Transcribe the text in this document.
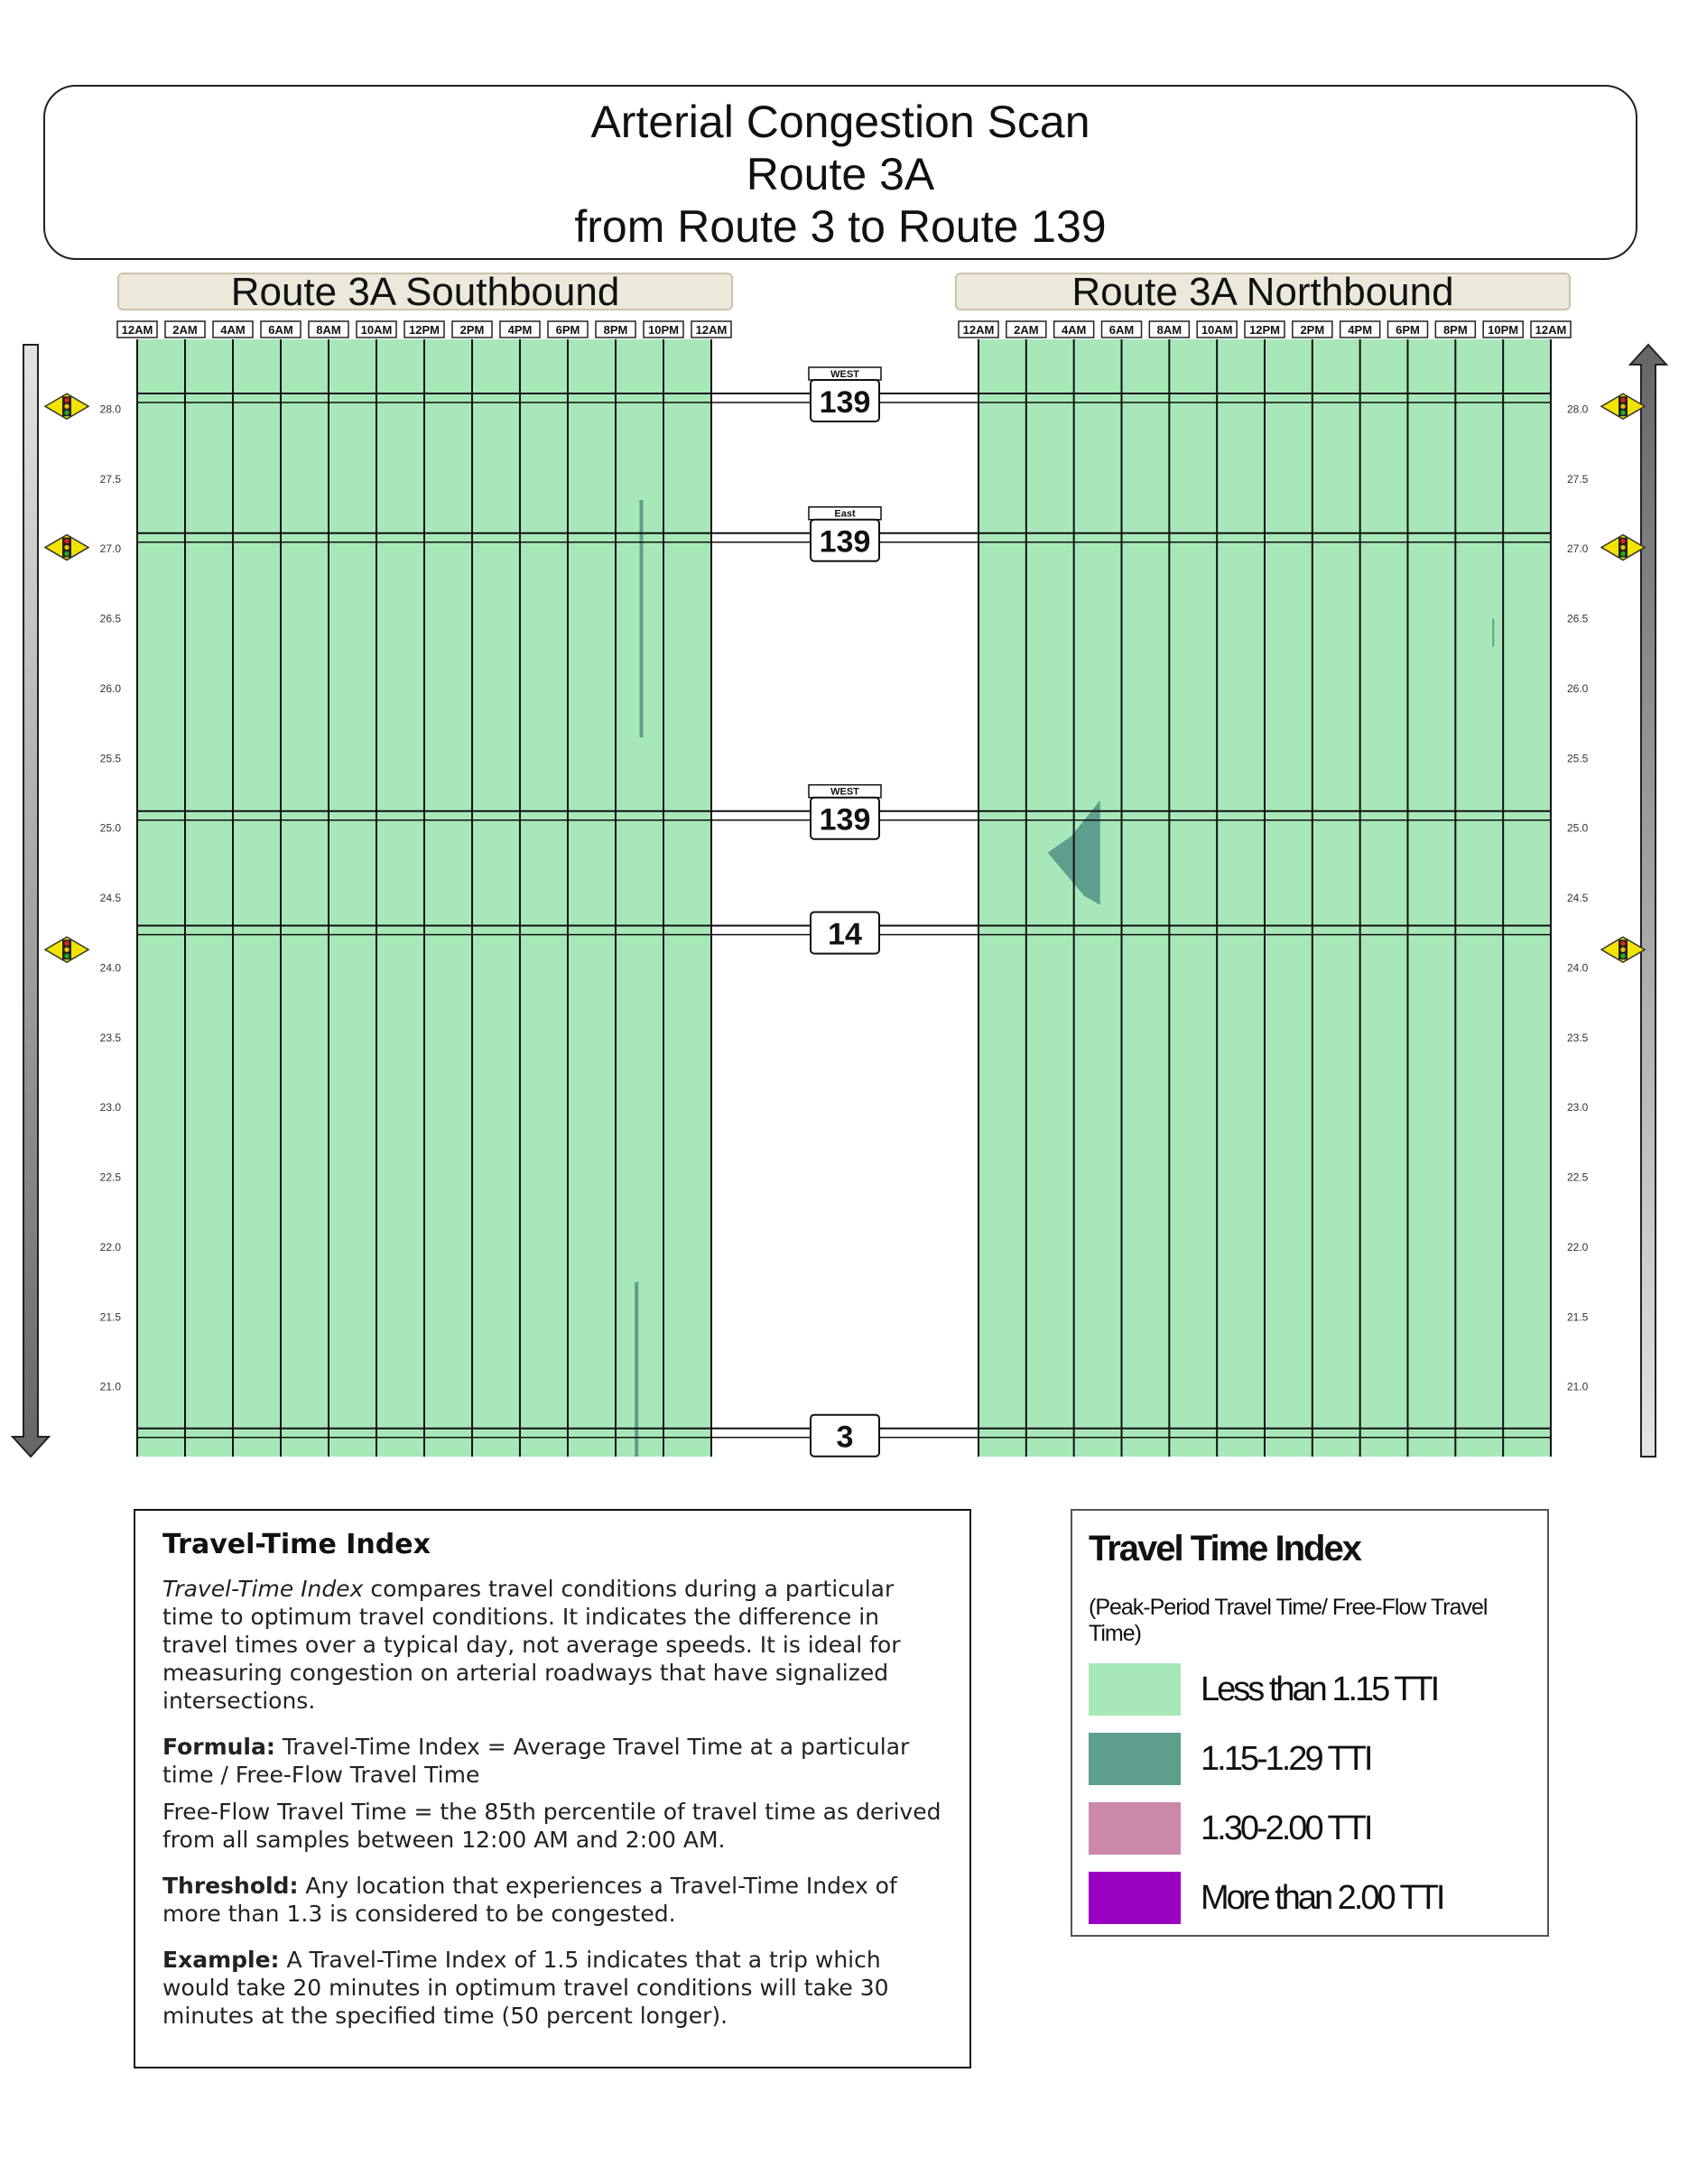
Arterial Congestion Scan
Route 3A
from Route 3 to Route 139
Route 3A Southbound	Route 3A Northbound
WEST
139
East
139
WEST
139
14
3
12AM 2AM 4AM 6AM 8AM 10AM 12PM 2PM 4PM 6PM 8PM 10PM 12AM
28.0
27.5
27.0
26.5
26.0
25.5
25.0
24.5
24.0
23.5
23.0
22.5
22.0
21.5
21.0
12AM 2AM 4AM 6AM 8AM 10AM 12PM 2PM 4PM 6PM 8PM 10PM 12AM
28.0
27.5
27.0
26.5
26.0
25.5
25.0
24.5
24.0
23.5
23.0
22.5
22.0
21.5
21.0
Travel-Time Index

Travel-Time Index compares travel conditions during a particular time to optimum travel conditions. It indicates the difference in travel times over a typical day, not average speeds. It is ideal for measuring congestion on arterial roadways that have signalized intersections.

Formula: Travel-Time Index = Average Travel Time at a particular time / Free-Flow Travel Time

Free-Flow Travel Time = the 85th percentile of travel time as derived from all samples between 12:00 AM and 2:00 AM.

Threshold: Any location that experiences a Travel-Time Index of more than 1.3 is considered to be congested.

Example: A Travel-Time Index of 1.5 indicates that a trip which would take 20 minutes in optimum travel conditions will take 30 minutes at the specified time (50 percent longer).

Travel Time Index
(Peak-Period Travel Time/ Free-Flow Travel Time)
Less than 1.15 TTI
1.15-1.29 TTI
1.30-2.00 TTI
More than 2.00 TTI
